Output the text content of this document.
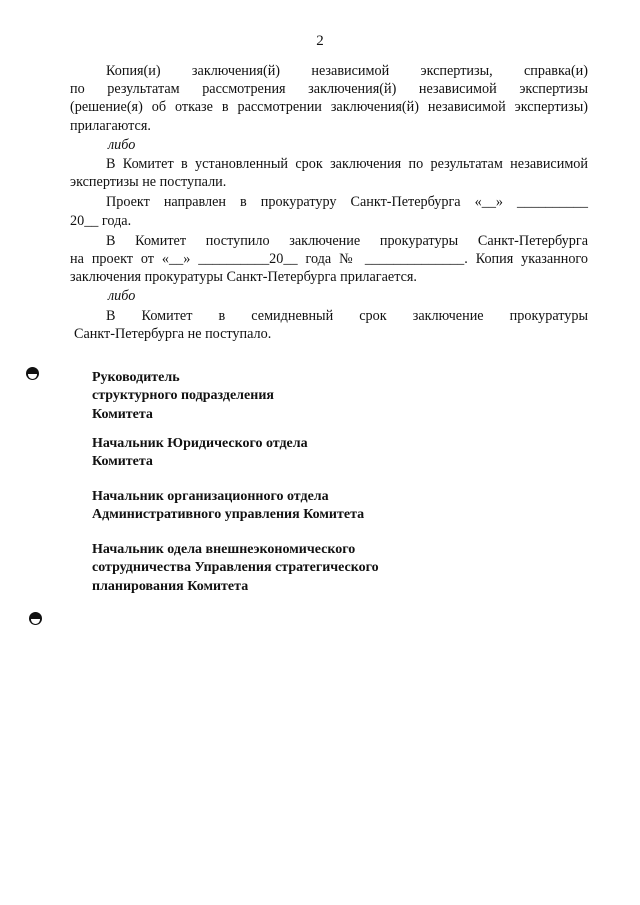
2
Копия(и) заключения(й) независимой экспертизы, справка(и)
по результатам рассмотрения заключения(й) независимой экспертизы
(решение(я) об отказе в рассмотрении заключения(й) независимой экспертизы)
прилагаются.
либо
В Комитет в установленный срок заключения по результатам независимой
экспертизы не поступали.
Проект направлен в прокуратуру Санкт-Петербурга «__» __________
20__ года.
В Комитет поступило заключение прокуратуры Санкт-Петербурга
на проект от «__» __________20__ года № ______________. Копия указанного
заключения прокуратуры Санкт-Петербурга прилагается.
либо
В Комитет в семидневный срок заключение прокуратуры
Санкт-Петербурга не поступало.
Руководитель
структурного подразделения
Комитета
Начальник Юридического отдела
Комитета
Начальник организационного отдела
Административного управления Комитета
Начальник одела внешнеэкономического
сотрудничества Управления стратегического
планирования Комитета
